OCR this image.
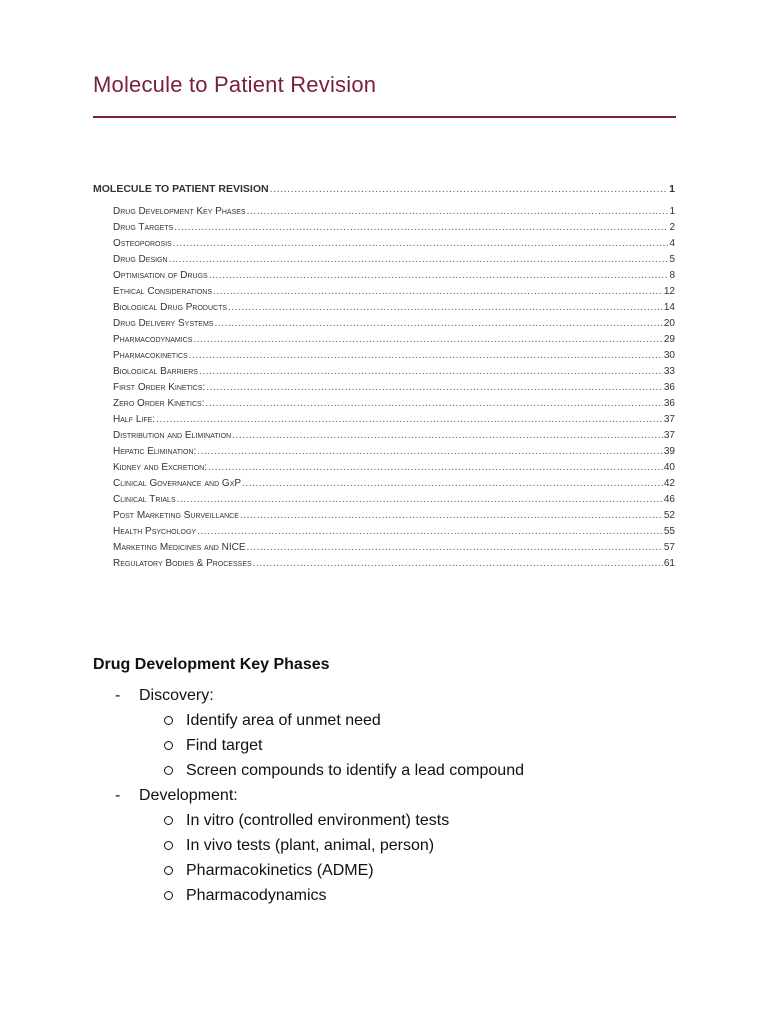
Molecule to Patient Revision
MOLECULE TO PATIENT REVISION .....	1
Drug Development Key Phases .....	1
Drug Targets .....	2
Osteoporosis .....	4
Drug Design .....	5
Optimisation of Drugs .....	8
Ethical Considerations .....	12
Biological Drug Products .....	14
Drug Delivery Systems .....	20
Pharmacodynamics .....	29
Pharmacokinetics .....	30
Biological Barriers .....	33
First Order Kinetics: .....	36
Zero Order Kinetics: .....	36
Half Life: .....	37
Distribution and Elimination .....	37
Hepatic Elimination: .....	39
Kidney and Excretion: .....	40
Clinical Governance and GxP .....	42
Clinical Trials .....	46
Post Marketing Surveillance .....	52
Health Psychology .....	55
Marketing Medicines and NICE .....	57
Regulatory Bodies & Processes .....	61
Drug Development Key Phases
- Discovery:
Identify area of unmet need
Find target
Screen compounds to identify a lead compound
- Development:
In vitro (controlled environment) tests
In vivo tests (plant, animal, person)
Pharmacokinetics (ADME)
Pharmacodynamics
